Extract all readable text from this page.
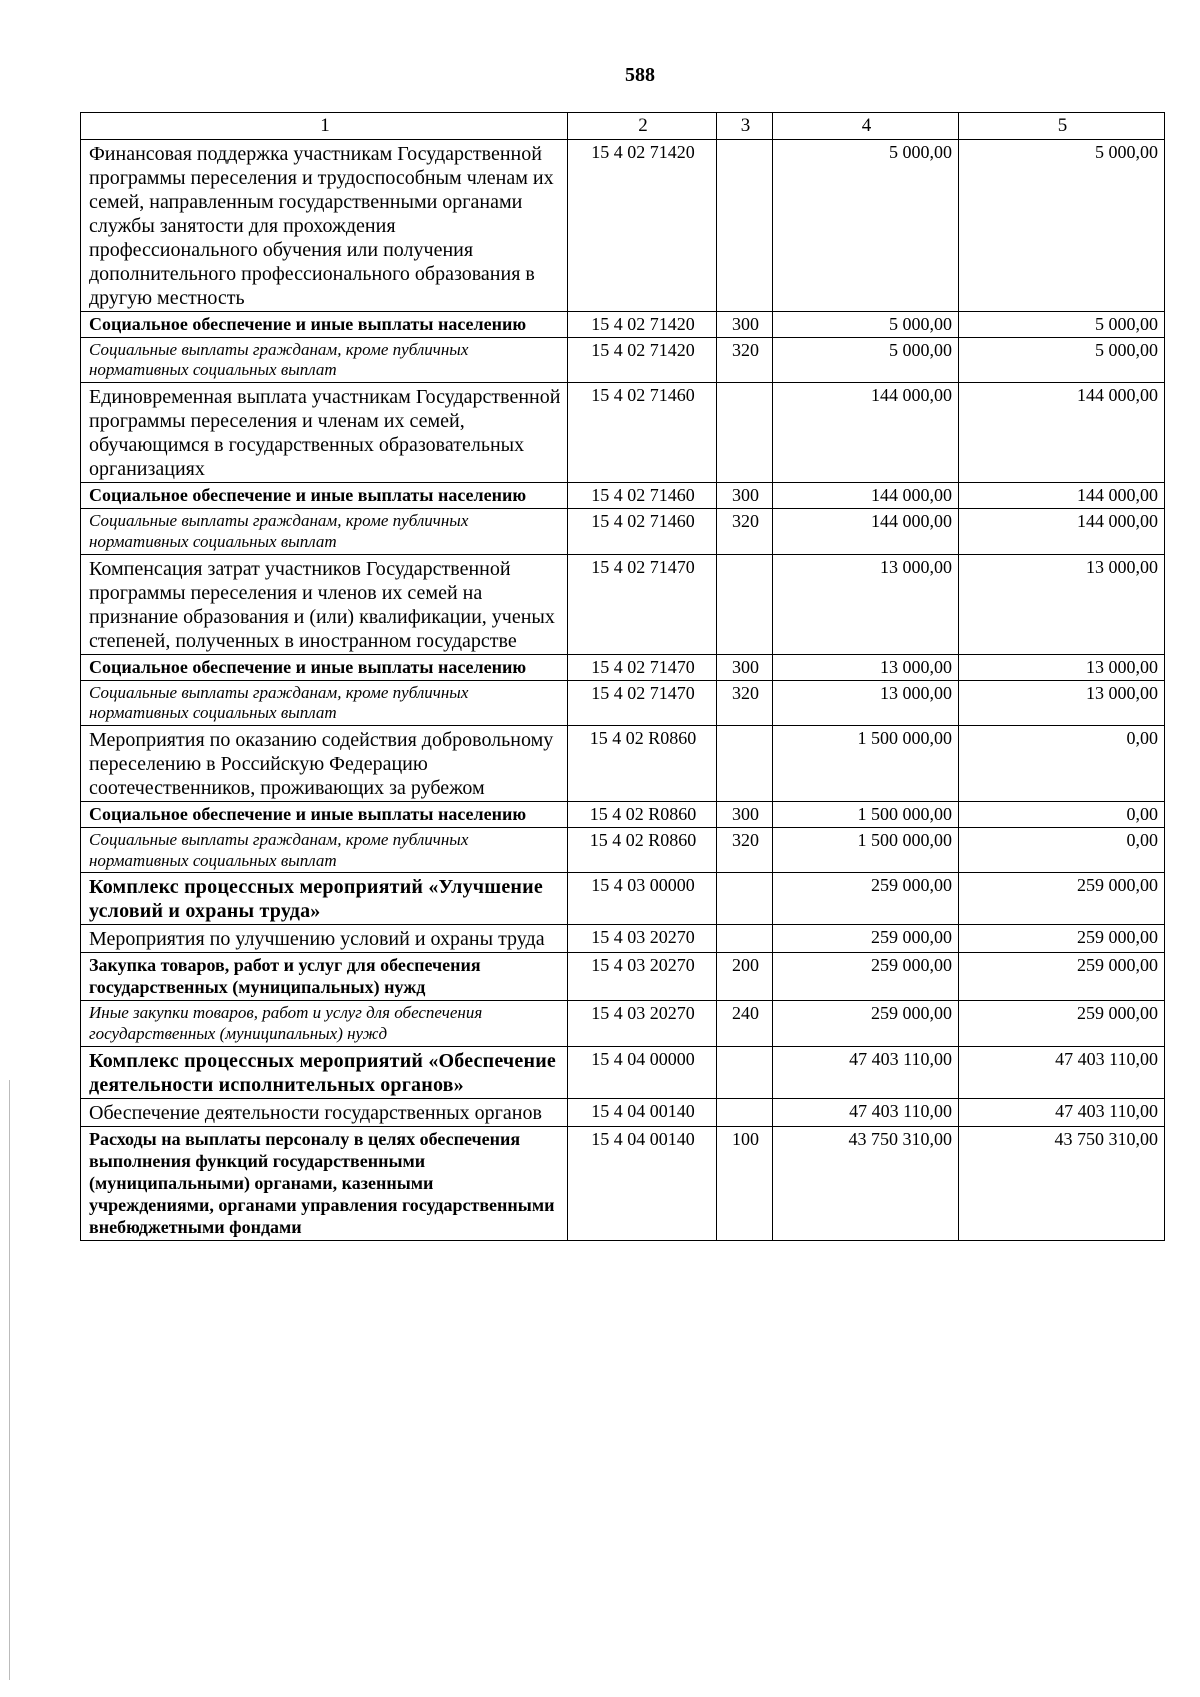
588
1	2	3	4	5
Финансовая поддержка участникам Государственной программы переселения и трудоспособным членам их семей, направленным государственными органами службы занятости для прохождения профессионального обучения или получения дополнительного профессионального образования в другую местность	15 4 02 71420		5 000,00	5 000,00
Социальное обеспечение и иные выплаты населению	15 4 02 71420	300	5 000,00	5 000,00
Социальные выплаты гражданам, кроме публичных нормативных социальных выплат	15 4 02 71420	320	5 000,00	5 000,00
Единовременная выплата участникам Государственной программы переселения и членам их семей, обучающимся в государственных образовательных организациях	15 4 02 71460		144 000,00	144 000,00
Социальное обеспечение и иные выплаты населению	15 4 02 71460	300	144 000,00	144 000,00
Социальные выплаты гражданам, кроме публичных нормативных социальных выплат	15 4 02 71460	320	144 000,00	144 000,00
Компенсация затрат участников Государственной программы переселения и членов их семей на признание образования и (или) квалификации, ученых степеней, полученных в иностранном государстве	15 4 02 71470		13 000,00	13 000,00
Социальное обеспечение и иные выплаты населению	15 4 02 71470	300	13 000,00	13 000,00
Социальные выплаты гражданам, кроме публичных нормативных социальных выплат	15 4 02 71470	320	13 000,00	13 000,00
Мероприятия по оказанию содействия добровольному переселению в Российскую Федерацию соотечественников, проживающих за рубежом	15 4 02 R0860		1 500 000,00	0,00
Социальное обеспечение и иные выплаты населению	15 4 02 R0860	300	1 500 000,00	0,00
Социальные выплаты гражданам, кроме публичных нормативных социальных выплат	15 4 02 R0860	320	1 500 000,00	0,00
Комплекс процессных мероприятий «Улучшение условий и охраны труда»	15 4 03 00000		259 000,00	259 000,00
Мероприятия по улучшению условий и охраны труда	15 4 03 20270		259 000,00	259 000,00
Закупка товаров, работ и услуг для обеспечения государственных (муниципальных) нужд	15 4 03 20270	200	259 000,00	259 000,00
Иные закупки товаров, работ и услуг для обеспечения государственных (муниципальных) нужд	15 4 03 20270	240	259 000,00	259 000,00
Комплекс процессных мероприятий «Обеспечение деятельности исполнительных органов»	15 4 04 00000		47 403 110,00	47 403 110,00
Обеспечение деятельности государственных органов	15 4 04 00140		47 403 110,00	47 403 110,00
Расходы на выплаты персоналу в целях обеспечения выполнения функций государственными (муниципальными) органами, казенными учреждениями, органами управления государственными внебюджетными фондами	15 4 04 00140	100	43 750 310,00	43 750 310,00
